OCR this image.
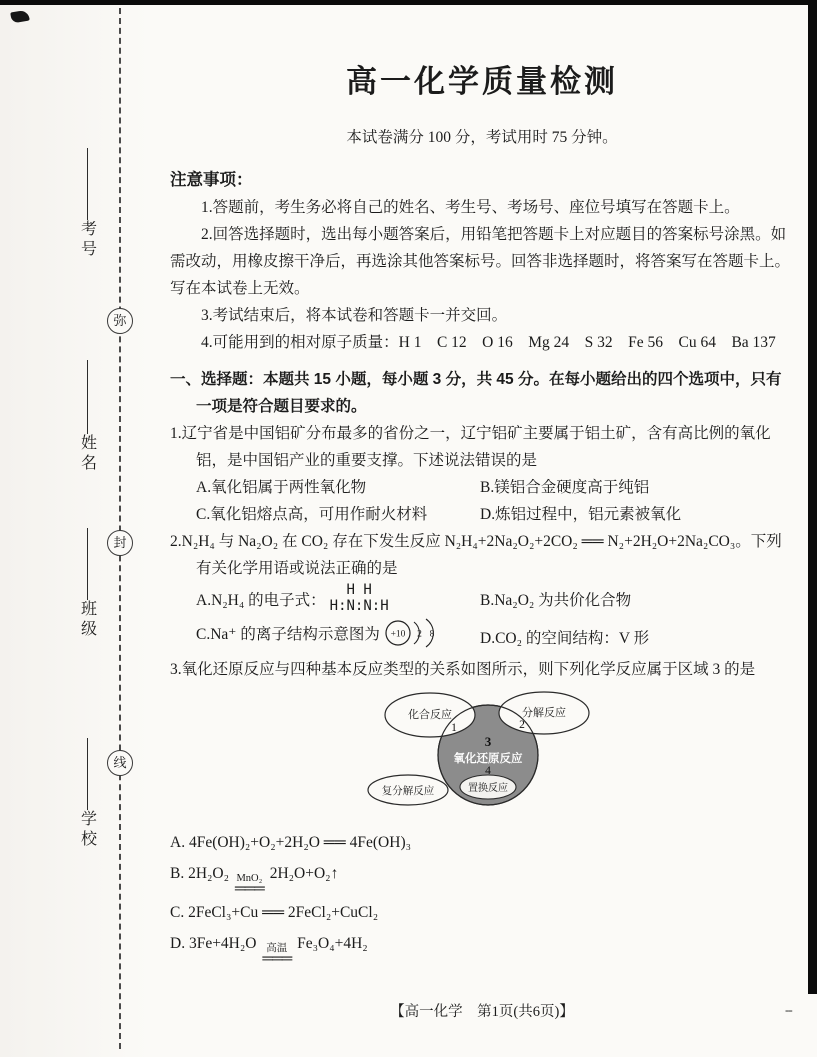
考号
姓名
班级
学校
弥
封
线
高一化学质量检测

本试卷满分 100 分，考试用时 75 分钟。

注意事项：

1.答题前，考生务必将自己的姓名、考生号、考场号、座位号填写在答题卡上。

2.回答选择题时，选出每小题答案后，用铅笔把答题卡上对应题目的答案标号涂黑。如需改动，用橡皮擦干净后，再选涂其他答案标号。回答非选择题时，将答案写在答题卡上。写在本试卷上无效。

3.考试结束后，将本试卷和答题卡一并交回。

4.可能用到的相对原子质量：H 1　C 12　O 16　Mg 24　S 32　Fe 56　Cu 64　Ba 137

一、选择题：本题共 15 小题，每小题 3 分，共 45 分。在每小题给出的四个选项中，只有一项是符合题目要求的。

1.辽宁省是中国铝矿分布最多的省份之一，辽宁铝矿主要属于铝土矿，含有高比例的氧化铝，是中国铝产业的重要支撑。下述说法错误的是

A.氧化铝属于两性氧化物	B.镁铝合金硬度高于纯铝
C.氧化铝熔点高，可用作耐火材料	D.炼铝过程中，铝元素被氧化

2.N₂H₄ 与 Na₂O₂ 在 CO₂ 存在下发生反应 N₂H₄+2Na₂O₂+2CO₂ ══ N₂+2H₂O+2Na₂CO₃。下列有关化学用语或说法正确的是

A.N₂H₄ 的电子式：
H H
H:N:N:H	B.Na₂O₂ 为共价化合物
C.Na⁺ 的离子结构示意图为 +10 2 8	D.CO₂ 的空间结构：V 形

3.氧化还原反应与四种基本反应类型的关系如图所示，则下列化学反应属于区域 3 的是

化合反应	分解反应
1	2
3
氧化还原反应
4
置换反应
复分解反应

A. 4Fe(OH)₂+O₂+2H₂O ══ 4Fe(OH)₃

B. 2H₂O₂ MnO₂
═══
2H₂O+O₂↑

C. 2FeCl₃+Cu ══ 2FeCl₂+CuCl₂

D. 3Fe+4H₂O 高温
═══
Fe₃O₄+4H₂

【高一化学　第1页(共6页)】	--
